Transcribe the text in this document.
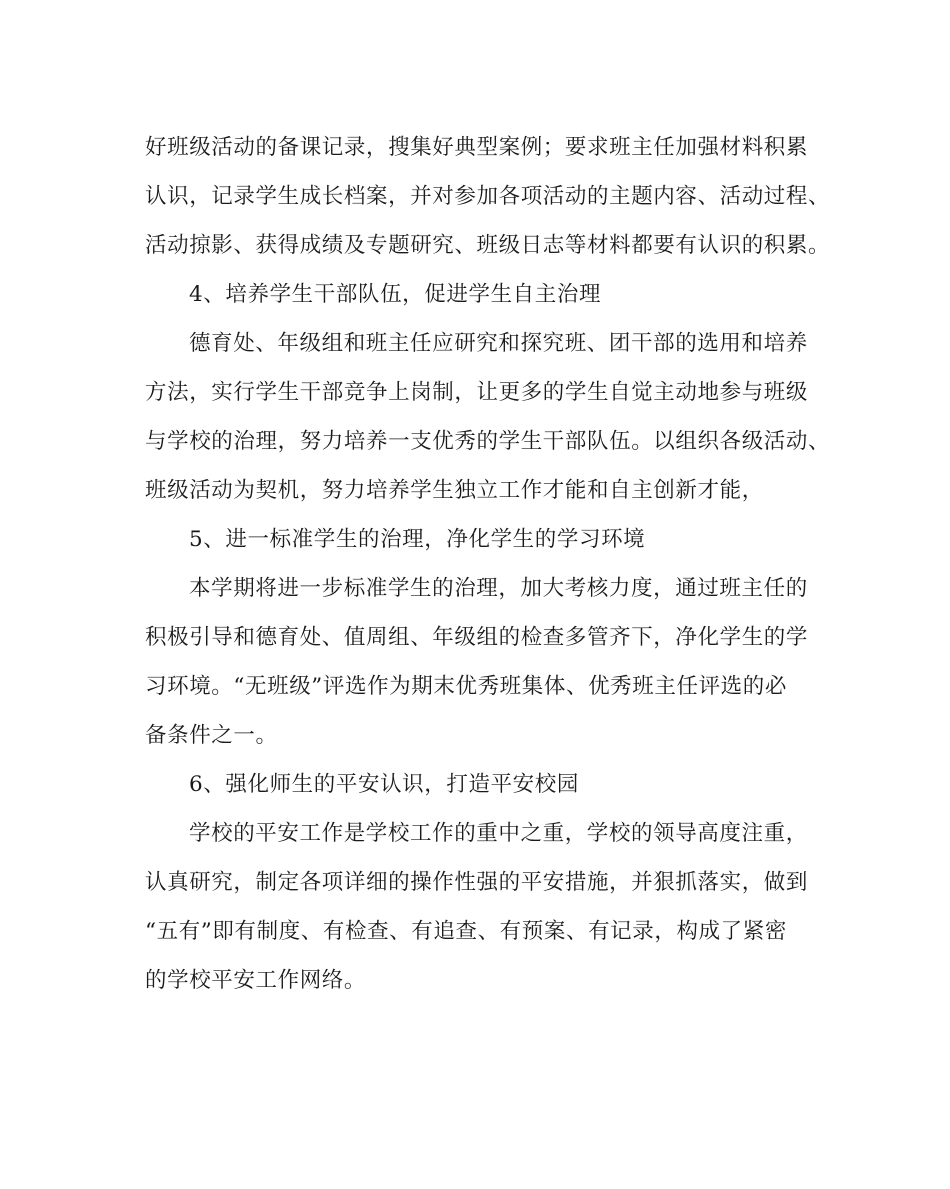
好班级活动的备课记录，搜集好典型案例；要求班主任加强材料积累
认识，记录学生成长档案，并对参加各项活动的主题内容、活动过程、
活动掠影、获得成绩及专题研究、班级日志等材料都要有认识的积累。
4、培养学生干部队伍，促进学生自主治理
德育处、年级组和班主任应研究和探究班、团干部的选用和培养
方法，实行学生干部竞争上岗制，让更多的学生自觉主动地参与班级
与学校的治理，努力培养一支优秀的学生干部队伍。以组织各级活动、
班级活动为契机，努力培养学生独立工作才能和自主创新才能，
5、进一标准学生的治理，净化学生的学习环境
本学期将进一步标准学生的治理，加大考核力度，通过班主任的
积极引导和德育处、值周组、年级组的检查多管齐下，净化学生的学
习环境。“无班级”评选作为期末优秀班集体、优秀班主任评选的必
备条件之一。
6、强化师生的平安认识，打造平安校园
学校的平安工作是学校工作的重中之重，学校的领导高度注重，
认真研究，制定各项详细的操作性强的平安措施，并狠抓落实，做到
“五有”即有制度、有检查、有追查、有预案、有记录，构成了紧密
的学校平安工作网络。
